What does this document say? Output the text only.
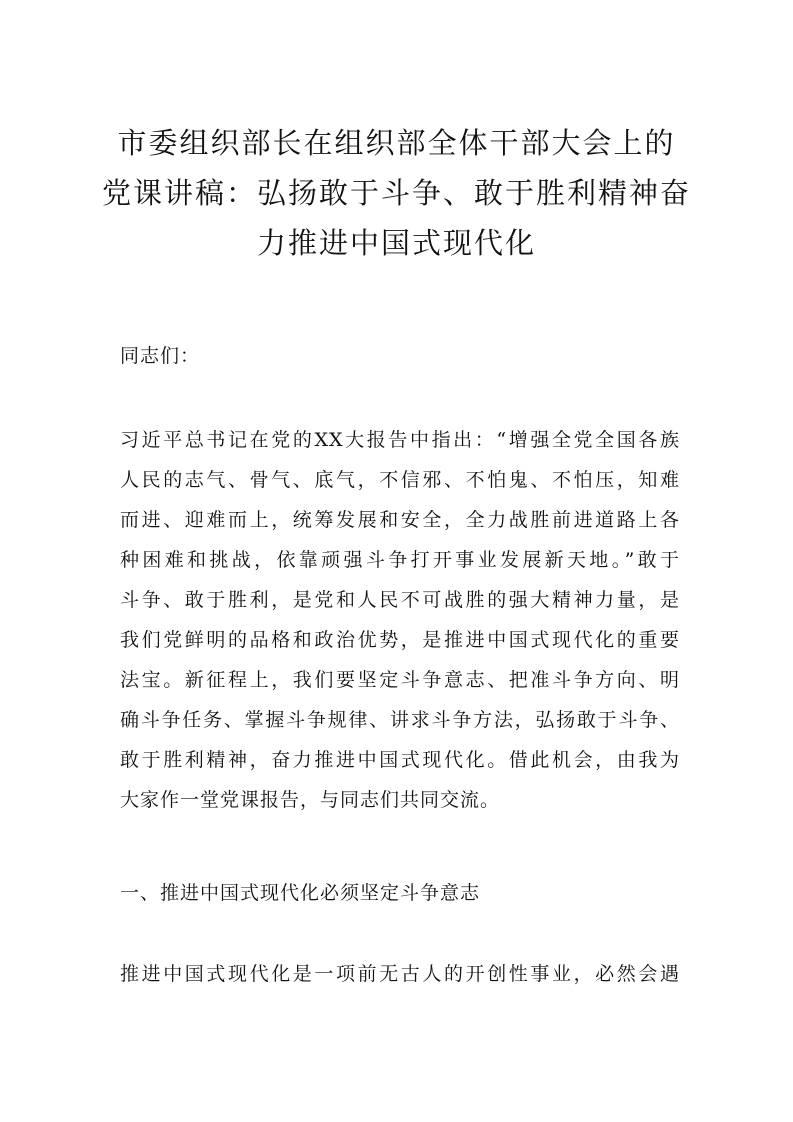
市委组织部长在组织部全体干部大会上的
党课讲稿：弘扬敢于斗争、敢于胜利精神奋
力推进中国式现代化

同志们：

习近平总书记在党的XX大报告中指出：“增强全党全国各族
人民的志气、骨气、底气，不信邪、不怕鬼、不怕压，知难
而进、迎难而上，统筹发展和安全，全力战胜前进道路上各
种困难和挑战，依靠顽强斗争打开事业发展新天地。”敢于
斗争、敢于胜利，是党和人民不可战胜的强大精神力量，是
我们党鲜明的品格和政治优势，是推进中国式现代化的重要
法宝。新征程上，我们要坚定斗争意志、把准斗争方向、明
确斗争任务、掌握斗争规律、讲求斗争方法，弘扬敢于斗争、
敢于胜利精神，奋力推进中国式现代化。借此机会，由我为
大家作一堂党课报告，与同志们共同交流。

一、推进中国式现代化必须坚定斗争意志

推进中国式现代化是一项前无古人的开创性事业，必然会遇
